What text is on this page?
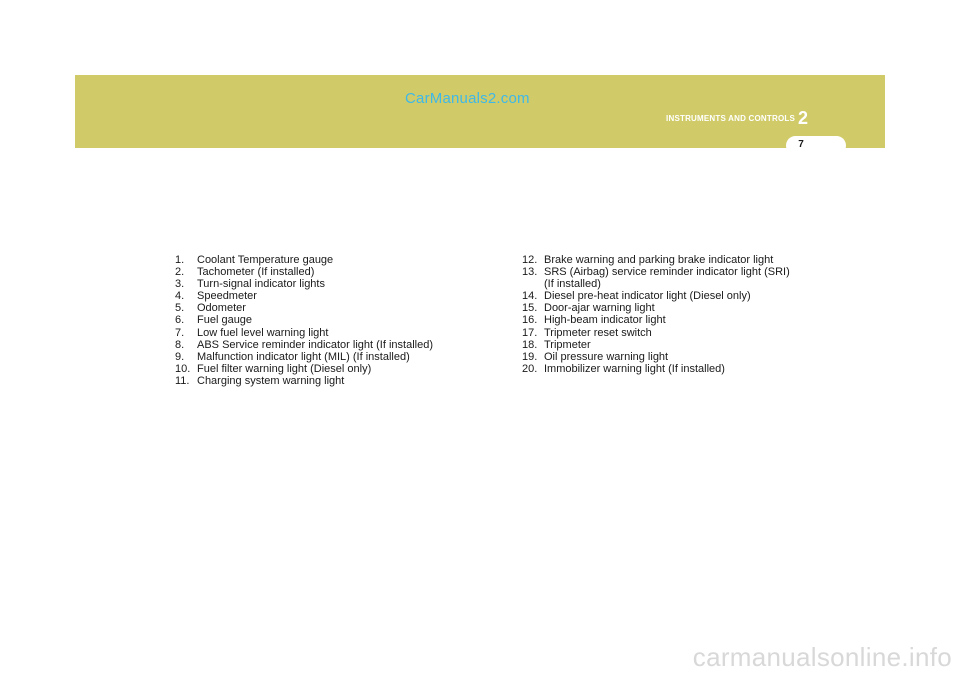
CarManuals2.com
INSTRUMENTS AND CONTROLS 2
7
1. Coolant Temperature gauge
2. Tachometer (If installed)
3. Turn-signal indicator lights
4. Speedmeter
5. Odometer
6. Fuel gauge
7. Low fuel level warning light
8. ABS Service reminder indicator light (If installed)
9. Malfunction indicator light (MIL) (If installed)
10. Fuel filter warning light (Diesel only)
11. Charging system warning light
12. Brake warning and parking brake indicator light
13. SRS (Airbag) service reminder indicator light (SRI) (If installed)
14. Diesel pre-heat indicator light (Diesel only)
15. Door-ajar warning light
16. High-beam indicator light
17. Tripmeter reset switch
18. Tripmeter
19. Oil pressure warning light
20. Immobilizer warning light (If installed)
carmanualsonline.info
